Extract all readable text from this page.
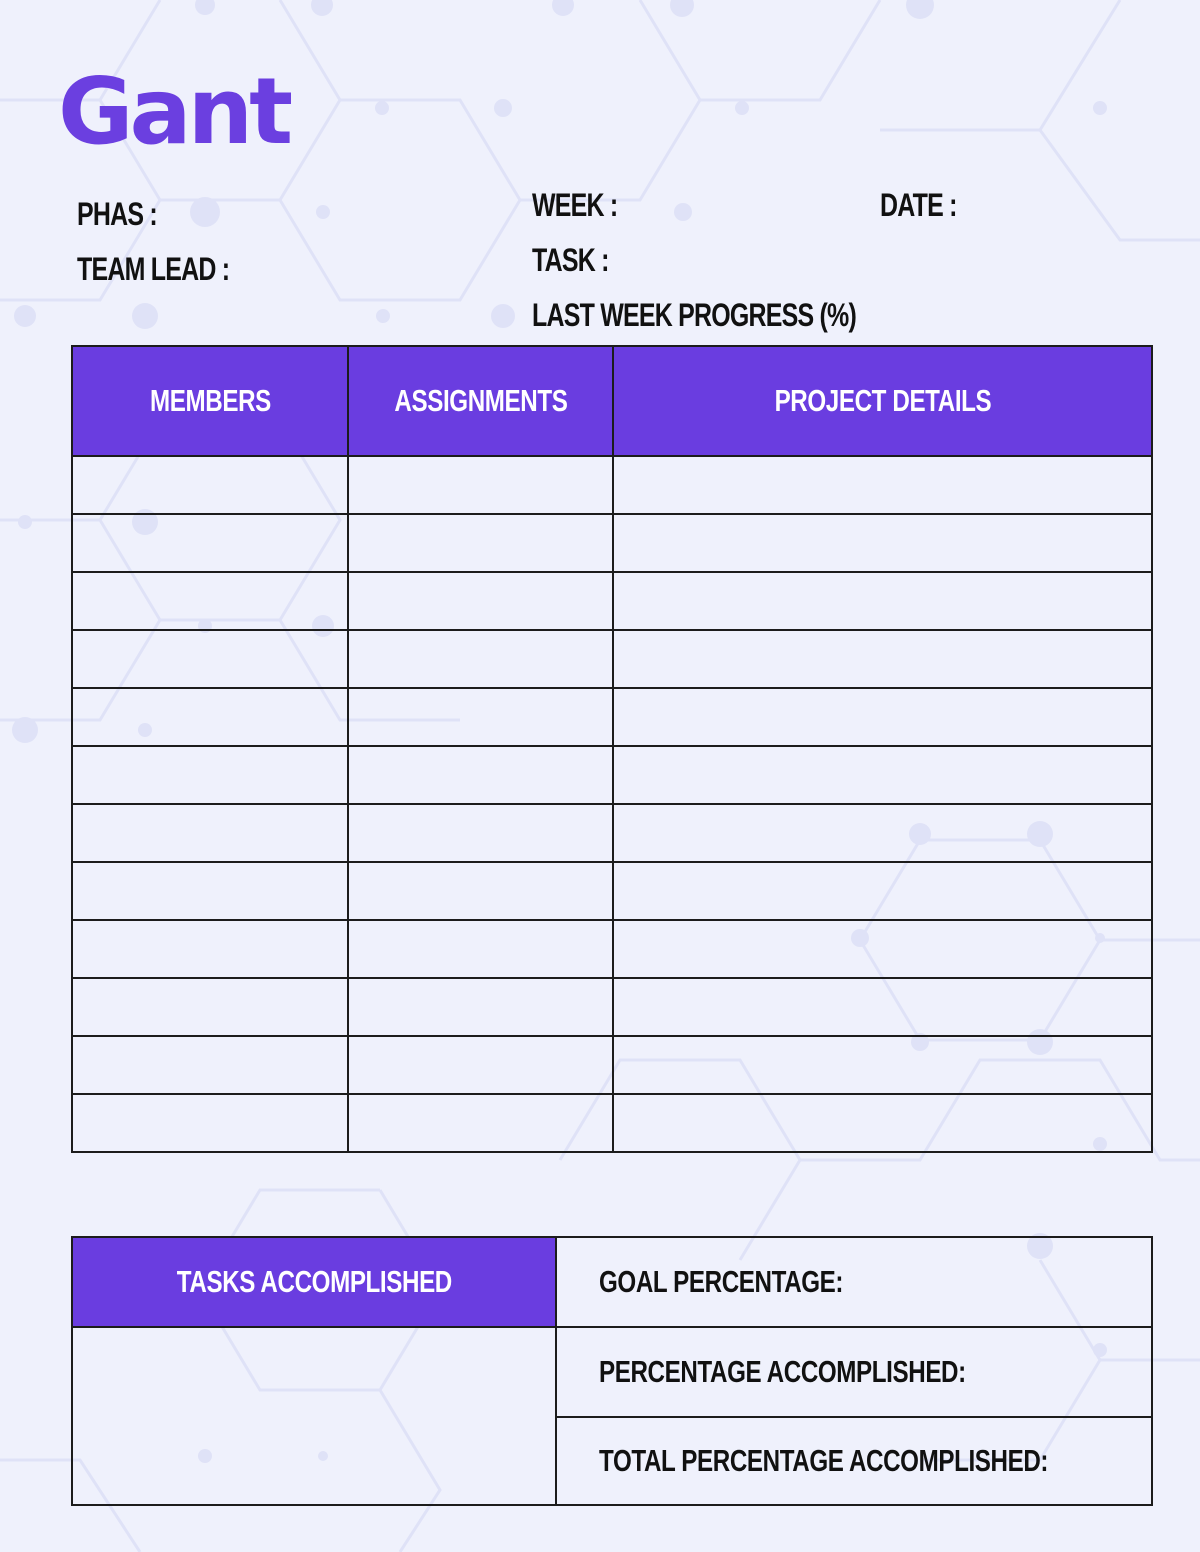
Gant
PHAS :
TEAM LEAD :
WEEK :
TASK :
LAST WEEK PROGRESS (%)
DATE :
MEMBERS	ASSIGNMENTS	PROJECT DETAILS

TASKS ACCOMPLISHED	GOAL PERCENTAGE:
	PERCENTAGE ACCOMPLISHED:
	TOTAL PERCENTAGE ACCOMPLISHED:
